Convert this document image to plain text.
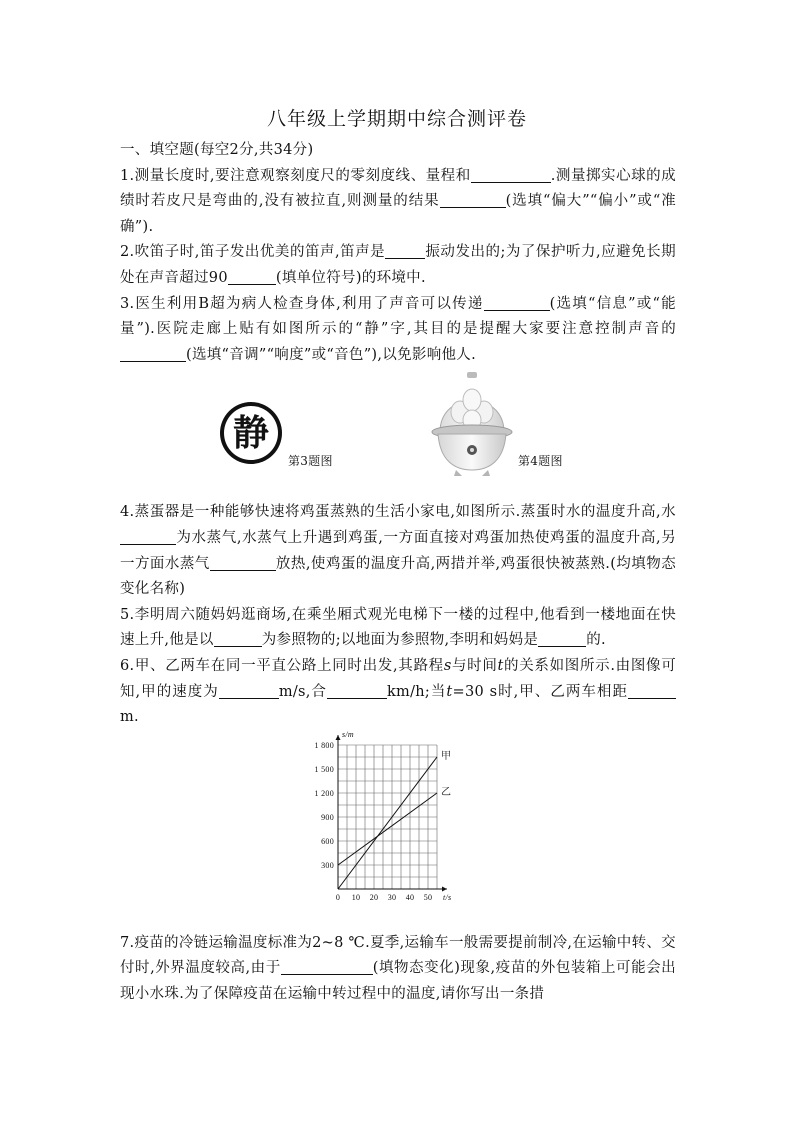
八年级上学期期中综合测评卷

一、填空题(每空2分,共34分)

1.测量长度时,要注意观察刻度尺的零刻度线、量程和	.测量掷实心球的成绩时若皮尺是弯曲的,没有被拉直,则测量的结果	(选填“偏大”“偏小”或“准确”).

2.吹笛子时,笛子发出优美的笛声,笛声是	振动发出的;为了保护听力,应避免长期处在声音超过90	(填单位符号)的环境中.

3.医生利用B超为病人检查身体,利用了声音可以传递	(选填“信息”或“能量”).医院走廊上贴有如图所示的“静”字,其目的是提醒大家要注意控制声音的(选填“音调”“响度”或“音色”),以免影响他人.

静
第3题图	第4题图

4.蒸蛋器是一种能够快速将鸡蛋蒸熟的生活小家电,如图所示.蒸蛋时水的温度升高,水为水蒸气,水蒸气上升遇到鸡蛋,一方面直接对鸡蛋加热使鸡蛋的温度升高,另一方面水蒸气	放热,使鸡蛋的温度升高,两措并举,鸡蛋很快被蒸熟.(均填物态变化名称)

5.李明周六随妈妈逛商场,在乘坐厢式观光电梯下一楼的过程中,他看到一楼地面在快速上升,他是以	为参照物的;以地面为参照物,李明和妈妈是	的.

6.甲、乙两车在同一平直公路上同时出发,其路程s与时间t的关系如图所示.由图像可知,甲的速度为	m/s,合	km/h;当t=30 s时,甲、乙两车相距m.

0 10 20 30 40 50
300
600
900
1 200
1 500
1 800
t/s
s/m
甲
乙

7.疫苗的冷链运输温度标准为2~8 ℃.夏季,运输车一般需要提前制冷,在运输中转、交付时,外界温度较高,由于	(填物态变化)现象,疫苗的外包装箱上可能会出现小水珠.为了保障疫苗在运输中转过程中的温度,请你写出一条措
